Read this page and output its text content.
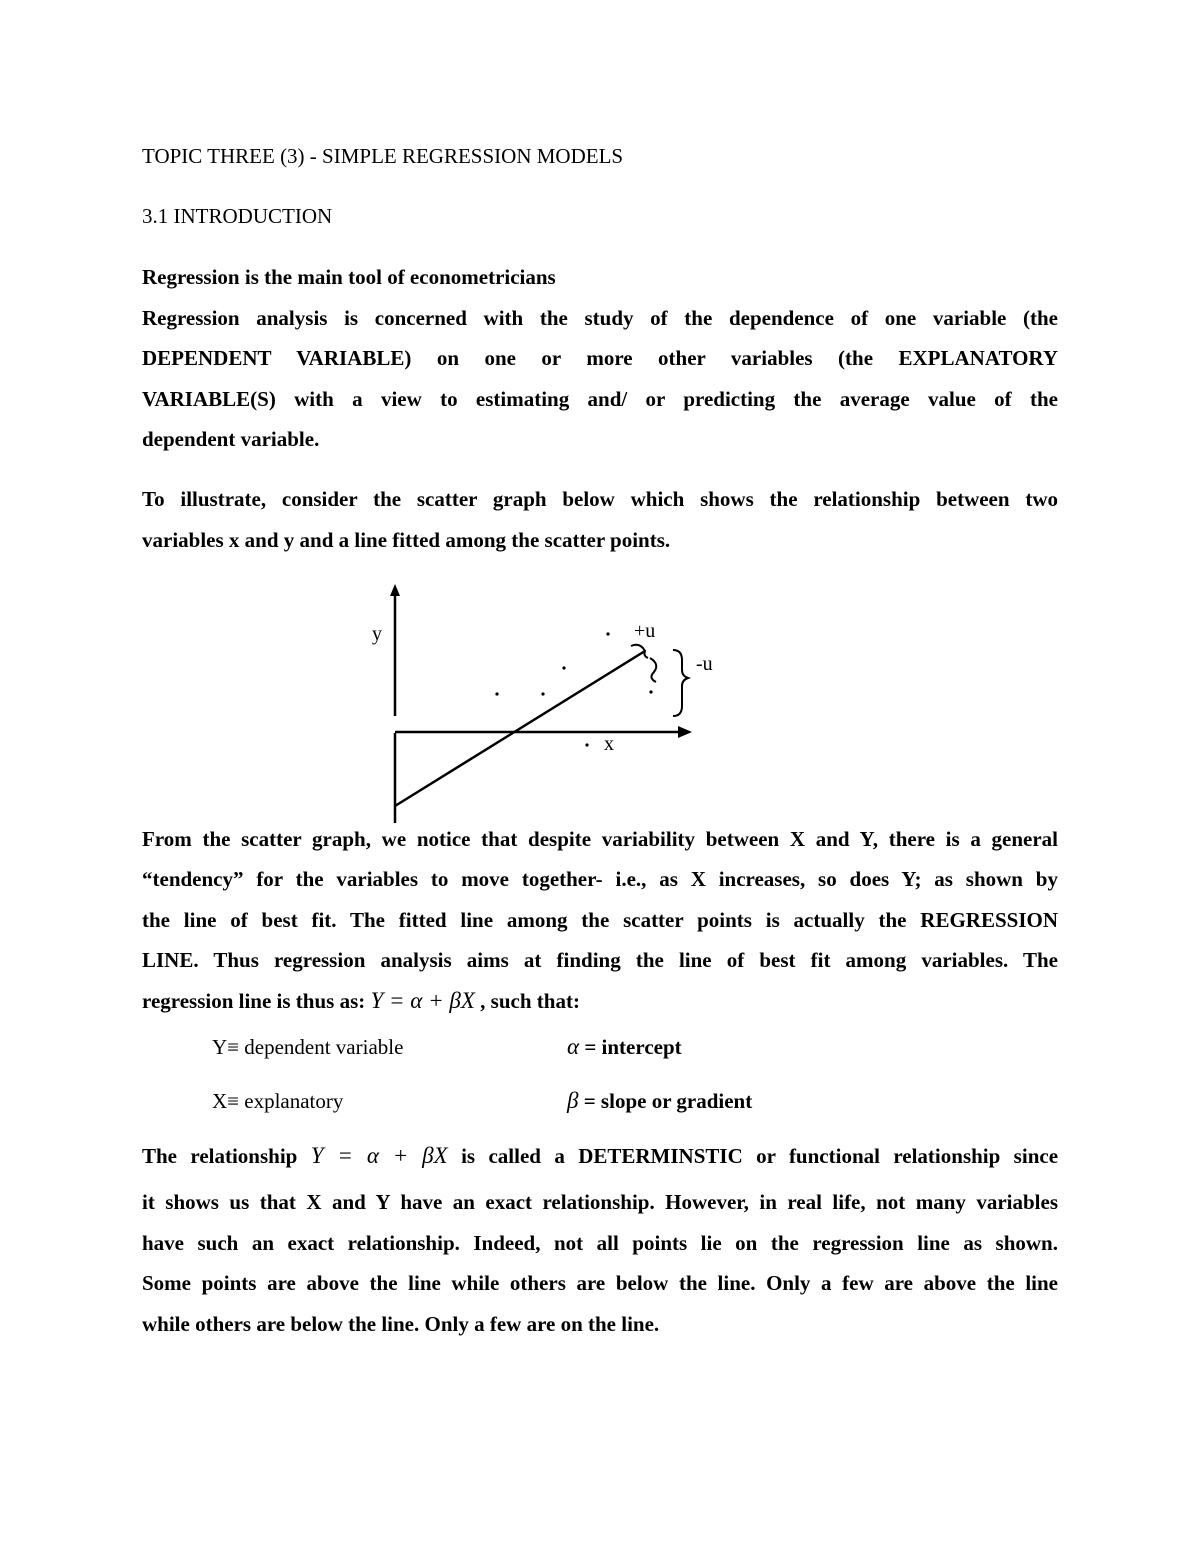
TOPIC THREE (3) - SIMPLE REGRESSION MODELS
3.1 INTRODUCTION
Regression is the main tool of econometricians
Regression analysis is concerned with the study of the dependence of one variable (the
DEPENDENT VARIABLE) on one or more other variables (the EXPLANATORY
VARIABLE(S) with a view to estimating and/ or predicting the average value of the
dependent variable.
To illustrate, consider the scatter graph below which shows the relationship between two
variables x and y and a line fitted among the scatter points.
y
x
+u
-u
From the scatter graph, we notice that despite variability between X and Y, there is a general
“tendency” for the variables to move together- i.e., as X increases, so does Y; as shown by
the line of best fit. The fitted line among the scatter points is actually the REGRESSION
LINE. Thus regression analysis aims at finding the line of best fit among variables. The
regression line is thus as: Y = α + βX , such that:
Y≡ dependent variable	α = intercept
X≡ explanatory	β = slope or gradient
The relationship Y = α + βX is called a DETERMINSTIC or functional relationship since
it shows us that X and Y have an exact relationship. However, in real life, not many variables
have such an exact relationship. Indeed, not all points lie on the regression line as shown.
Some points are above the line while others are below the line. Only a few are above the line
while others are below the line. Only a few are on the line.
